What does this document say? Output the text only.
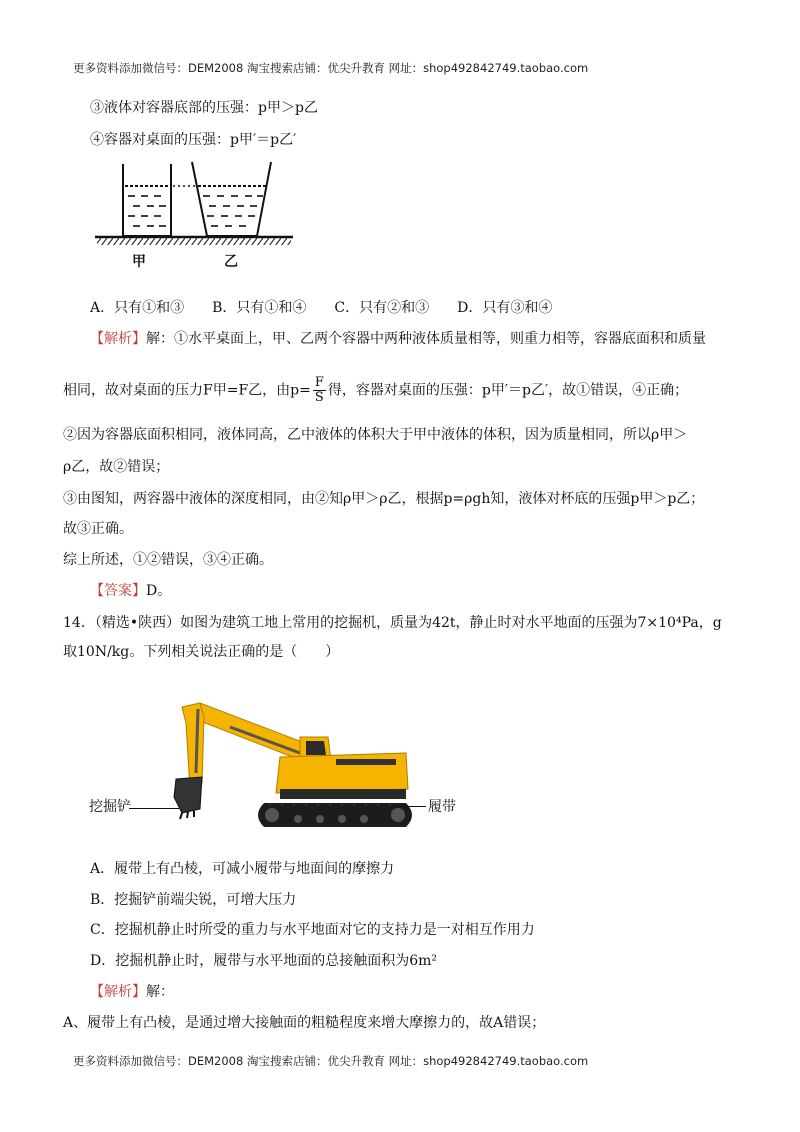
更多资料添加微信号：DEM2008 淘宝搜索店铺：优尖升教育 网址：shop492842749.taobao.com
③液体对容器底部的压强：p甲＞p乙
④容器对桌面的压强：p甲′＝p乙′
甲	乙
A．只有①和③　　B．只有①和④　　C．只有②和③　　D．只有③和④
【解析】解：①水平桌面上，甲、乙两个容器中两种液体质量相等，则重力相等，容器底面积和质量
相同，故对桌面的压力F甲=F乙，由$p= \frac{F}{S}$ 得，容器对桌面的压强：p甲′＝p乙′，故①错误，④正确；
②因为容器底面积相同，液体同高，乙中液体的体积大于甲中液体的体积，因为质量相同，所以ρ甲＞
ρ乙，故②错误；
③由图知，两容器中液体的深度相同，由②知ρ甲＞ρ乙，根据p=ρgh知，液体对杯底的压强p甲＞p乙；
故③正确。
综上所述，①②错误，③④正确。
【答案】D。
14．（精选•陕西）如图为建筑工地上常用的挖掘机，质量为42t，静止时对水平地面的压强为7×10⁴Pa，g
取10N/kg。下列相关说法正确的是（　　）
挖掘铲	履带
A．履带上有凸棱，可减小履带与地面间的摩擦力
B．挖掘铲前端尖锐，可增大压力
C．挖掘机静止时所受的重力与水平地面对它的支持力是一对相互作用力
D．挖掘机静止时，履带与水平地面的总接触面积为6m²
【解析】解：
A、履带上有凸棱，是通过增大接触面的粗糙程度来增大摩擦力的，故A错误；
更多资料添加微信号：DEM2008 淘宝搜索店铺：优尖升教育 网址：shop492842749.taobao.com
